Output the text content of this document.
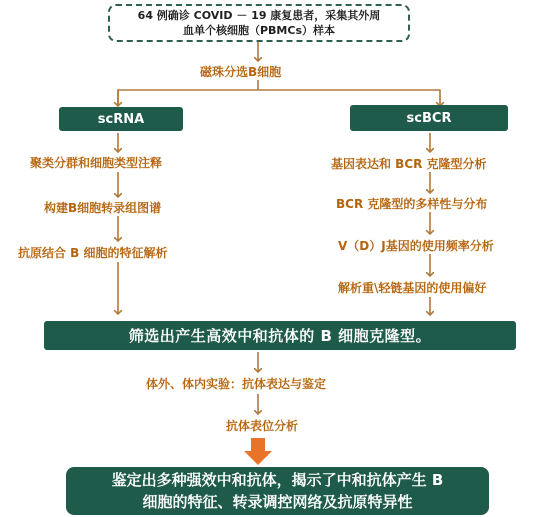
64 例确诊 COVID － 19 康复患者，采集其外周
血单个核细胞（PBMCs）样本
磁珠分选B细胞
scRNA	scBCR
聚类分群和细胞类型注释
构建B细胞转录组图谱
抗原结合 B 细胞的特征解析
基因表达和 BCR 克隆型分析
BCR 克隆型的多样性与分布
V（D）J基因的使用频率分析
解析重\轻链基因的使用偏好
筛选出产生高效中和抗体的 B 细胞克隆型。
体外、体内实验：抗体表达与鉴定
抗体表位分析
鉴定出多种强效中和抗体，揭示了中和抗体产生 B
细胞的特征、转录调控网络及抗原特异性
